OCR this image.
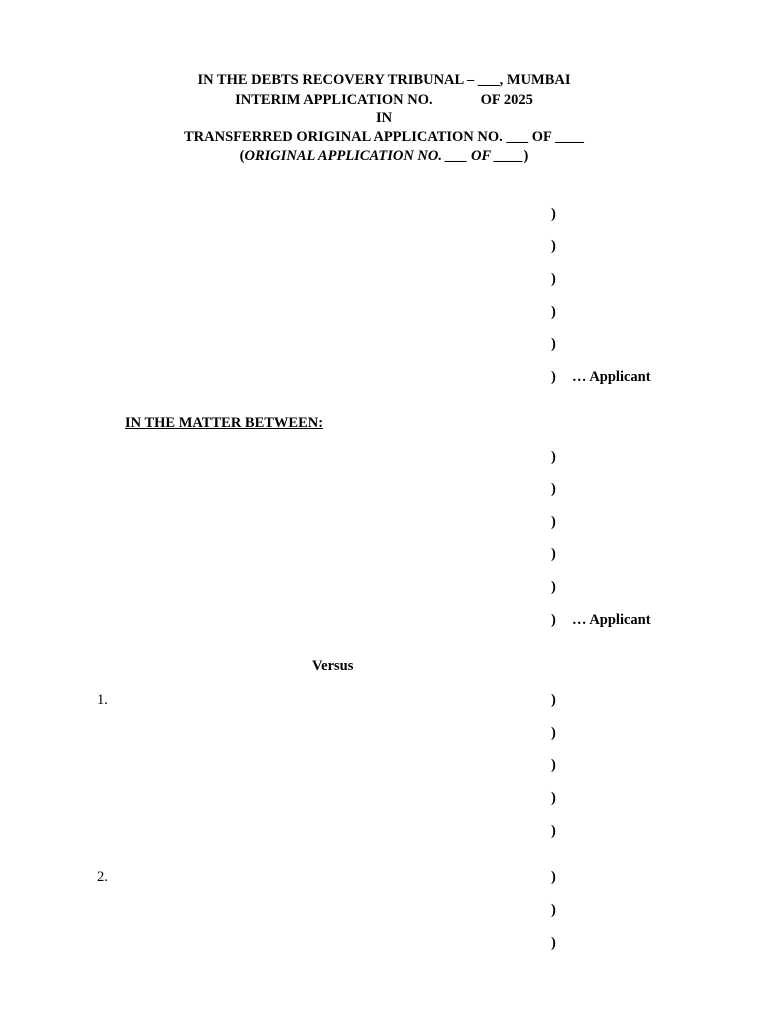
IN THE DEBTS RECOVERY TRIBUNAL – ___, MUMBAI
INTERIM APPLICATION NO.	OF 2025
IN
TRANSFERRED ORIGINAL APPLICATION NO. ___ OF ____
(ORIGINAL APPLICATION NO. ___ OF ____)
)
)
)
)
)
) … Applicant
IN THE MATTER BETWEEN:
)
)
)
)
)
) … Applicant
Versus
1.	)
)
)
)
)
2.	)
)
)
